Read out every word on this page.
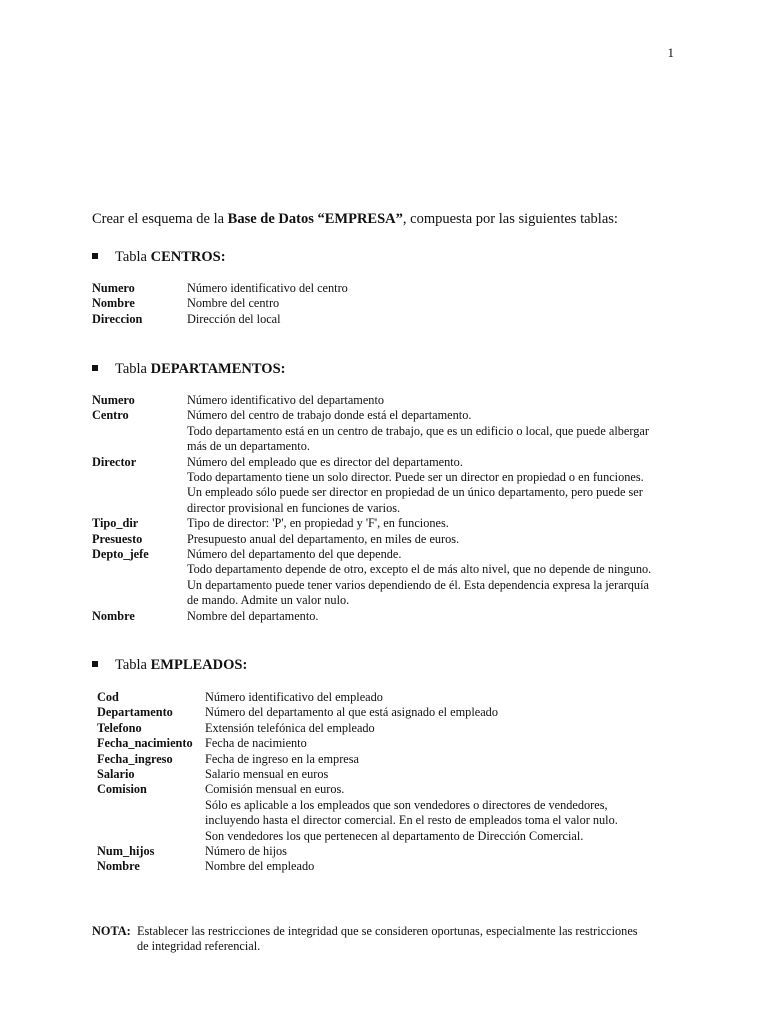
1
Crear el esquema de la Base de Datos “EMPRESA”, compuesta por las siguientes tablas:
Tabla CENTROS:
Numero	Número identificativo del centro
Nombre	Nombre del centro
Direccion	Dirección del local
Tabla DEPARTAMENTOS:
Numero	Número identificativo del departamento
Centro	Número del centro de trabajo donde está el departamento.
Todo departamento está en un centro de trabajo, que es un edificio o local, que puede albergar
más de un departamento.
Director	Número del empleado que es director del departamento.
Todo departamento tiene un solo director. Puede ser un director en propiedad o en funciones.
Un empleado sólo puede ser director en propiedad de un único departamento, pero puede ser
director provisional en funciones de varios.
Tipo_dir	Tipo de director: 'P', en propiedad y 'F', en funciones.
Presuesto	Presupuesto anual del departamento, en miles de euros.
Depto_jefe	Número del departamento del que depende.
Todo departamento depende de otro, excepto el de más alto nivel, que no depende de ninguno.
Un departamento puede tener varios dependiendo de él. Esta dependencia expresa la jerarquía
de mando. Admite un valor nulo.
Nombre	Nombre del departamento.
Tabla EMPLEADOS:
Cod	Número identificativo del empleado
Departamento	Número del departamento al que está asignado el empleado
Telefono	Extensión telefónica del empleado
Fecha_nacimiento	Fecha de nacimiento
Fecha_ingreso	Fecha de ingreso en la empresa
Salario	Salario mensual en euros
Comision	Comisión mensual en euros.
Sólo es aplicable a los empleados que son vendedores o directores de vendedores,
incluyendo hasta el director comercial. En el resto de empleados toma el valor nulo.
Son vendedores los que pertenecen al departamento de Dirección Comercial.
Num_hijos	Número de hijos
Nombre	Nombre del empleado
NOTA: Establecer las restricciones de integridad que se consideren oportunas, especialmente las restricciones
de integridad referencial.
